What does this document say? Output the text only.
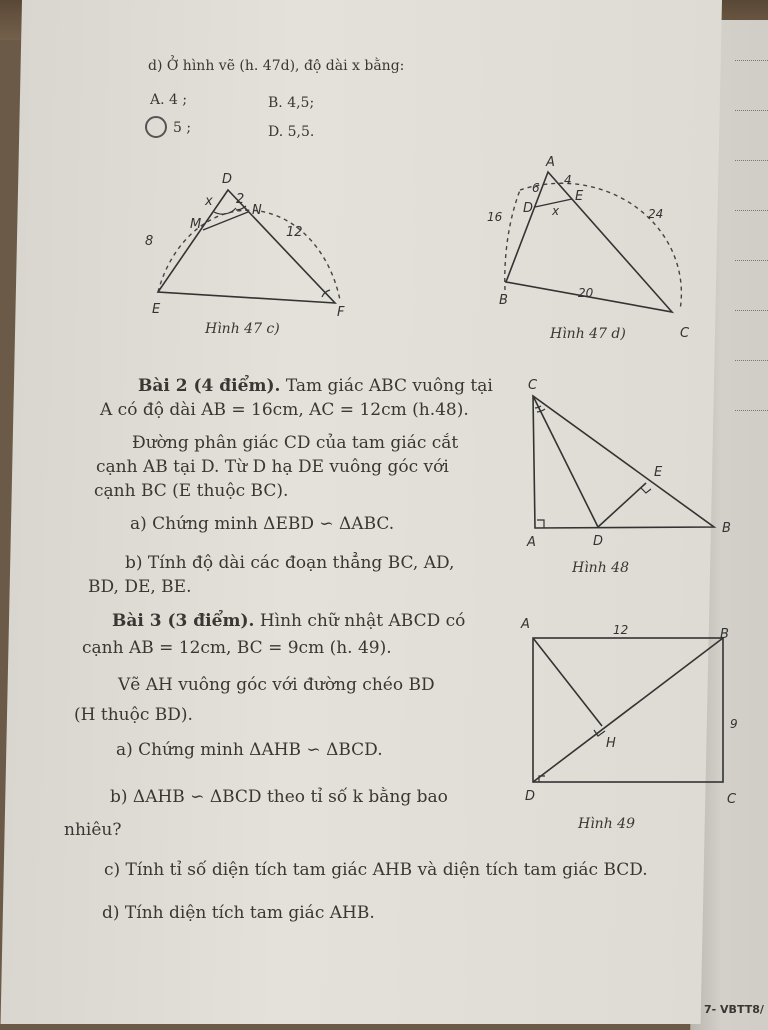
d) Ở hình vẽ (h. 47d), độ dài x bằng:
A. 4 ;	B. 4,5;
5 ;	D. 5,5.
D
x 2
N
M
8
12
E	F
Hình 47 c)
A
6
4
E
16
D x	24
20
B
C
Hình 47 d)
Bài 2 (4 điểm). Tam giác ABC vuông tại
A có độ dài AB = 16cm, AC = 12cm (h.48).
Đường phân giác CD của tam giác cắt
cạnh AB tại D. Từ D hạ DE vuông góc với
cạnh BC (E thuộc BC).
a) Chứng minh ΔEBD ∽ ΔABC.
b) Tính độ dài các đoạn thẳng BC, AD,
BD, DE, BE.
C
E
A	D
B
Hình 48
Bài 3 (3 điểm). Hình chữ nhật ABCD có
cạnh AB = 12cm, BC = 9cm (h. 49).
Vẽ AH vuông góc với đường chéo BD
(H thuộc BD).
a) Chứng minh ΔAHB ∽ ΔBCD.
b) ΔAHB ∽ ΔBCD theo tỉ số k bằng bao
nhiêu?
c) Tính tỉ số diện tích tam giác AHB và diện tích tam giác BCD.
d) Tính diện tích tam giác AHB.
A	12	B
9
H
D	C
Hình 49
7- VBTT8/
